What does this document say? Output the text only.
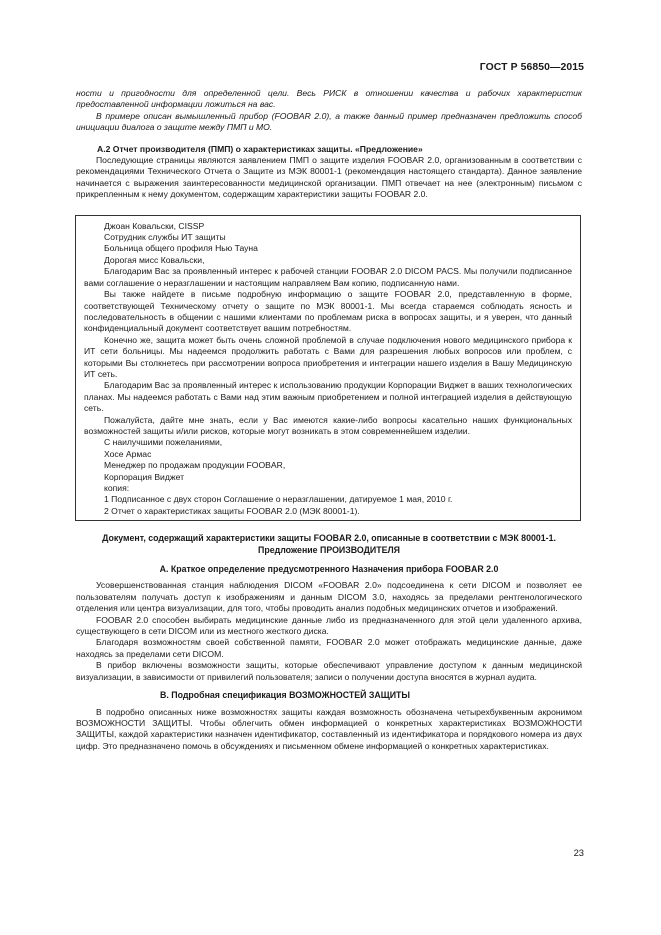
ГОСТ Р 56850—2015

ности и пригодности для определенной цели. Весь РИСК в отношении качества и рабочих характеристик предоставленной информации ложиться на вас.

В примере описан вымышленный прибор (FOOBAR 2.0), а также данный пример предназначен предложить способ инициации диалога о защите между ПМП и МО.

А.2 Отчет производителя (ПМП) о характеристиках защиты. «Предложение»

Последующие страницы являются заявлением ПМП о защите изделия FOOBAR 2.0, организованным в соответствии с рекомендациями Технического Отчета о Защите из МЭК 80001-1 (рекомендация настоящего стандарта). Данное заявление начинается с выражения заинтересованности медицинской организации. ПМП отвечает на нее (электронным) письмом с прикрепленным к нему документом, содержащим характеристики защиты FOOBAR 2.0.

Джоан Ковальски, CISSP

Сотрудник службы ИТ защиты

Больница общего профиля Нью Тауна

Дорогая мисс Ковальски,

Благодарим Вас за проявленный интерес к рабочей станции FOOBAR 2.0 DICOM PACS. Мы получили подписанное вами соглашение о неразглашении и настоящим направляем Вам копию, подписанную нами.

Вы также найдете в письме подробную информацию о защите FOOBAR 2.0, представленную в форме, соответствующей Техническому отчету о защите по МЭК 80001-1. Мы всегда стараемся соблюдать ясность и последовательность в общении с нашими клиентами по проблемам риска в вопросах защиты, и я уверен, что данный конфиденциальный документ соответствует вашим потребностям.

Конечно же, защита может быть очень сложной проблемой в случае подключения нового медицинского прибора к ИТ сети больницы. Мы надеемся продолжить работать с Вами для разрешения любых вопросов или проблем, с которыми Вы столкнетесь при рассмотрении вопроса приобретения и интеграции нашего изделия в Вашу Медицинскую ИТ сеть.

Благодарим Вас за проявленный интерес к использованию продукции Корпорации Виджет в ваших технологических планах. Мы надеемся работать с Вами над этим важным приобретением и полной интеграцией изделия в действующую сеть.

Пожалуйста, дайте мне знать, если у Вас имеются какие-либо вопросы касательно наших функциональных возможностей защиты и/или рисков, которые могут возникать в этом современнейшем изделии.

С наилучшими пожеланиями,

Хосе Армас

Менеджер по продажам продукции FOOBAR,

Корпорация Виджет

копия:

1 Подписанное с двух сторон Соглашение о неразглашении, датируемое 1 мая, 2010 г.

2 Отчет о характеристиках защиты FOOBAR 2.0 (МЭК 80001-1).

Документ, содержащий характеристики защиты FOOBAR 2.0, описанные в соответствии с МЭК 80001-1.
Предложение ПРОИЗВОДИТЕЛЯ
А. Краткое определение предусмотренного Назначения прибора FOOBAR 2.0

Усовершенствованная станция наблюдения DICOM «FOOBAR 2.0» подсоединена к сети DICOM и позволяет ее пользователям получать доступ к изображениям и данным DICOM 3.0, находясь за пределами рентгенологического отделения или центра визуализации, для того, чтобы проводить анализ подобных медицинских отчетов и изображений.

FOOBAR 2.0 способен выбирать медицинские данные либо из предназначенного для этой цели удаленного архива, существующего в сети DICOM или из местного жесткого диска.

Благодаря возможностям своей собственной памяти, FOOBAR 2.0 может отображать медицинские данные, даже находясь за пределами сети DICOM.

В прибор включены возможности защиты, которые обеспечивают управление доступом к данным медицинской визуализации, в зависимости от привилегий пользователя; записи о получении доступа вносятся в журнал аудита.

В. Подробная спецификация ВОЗМОЖНОСТЕЙ ЗАЩИТЫ

В подробно описанных ниже возможностях защиты каждая возможность обозначена четырехбуквенным акронимом ВОЗМОЖНОСТИ ЗАЩИТЫ. Чтобы облегчить обмен информацией о конкретных характеристиках ВОЗМОЖНОСТИ ЗАЩИТЫ, каждой характеристики назначен идентификатор, составленный из идентификатора и порядкового номера из двух цифр. Это предназначено помочь в обсуждениях и письменном обмене информацией о конкретных характеристиках.

23
